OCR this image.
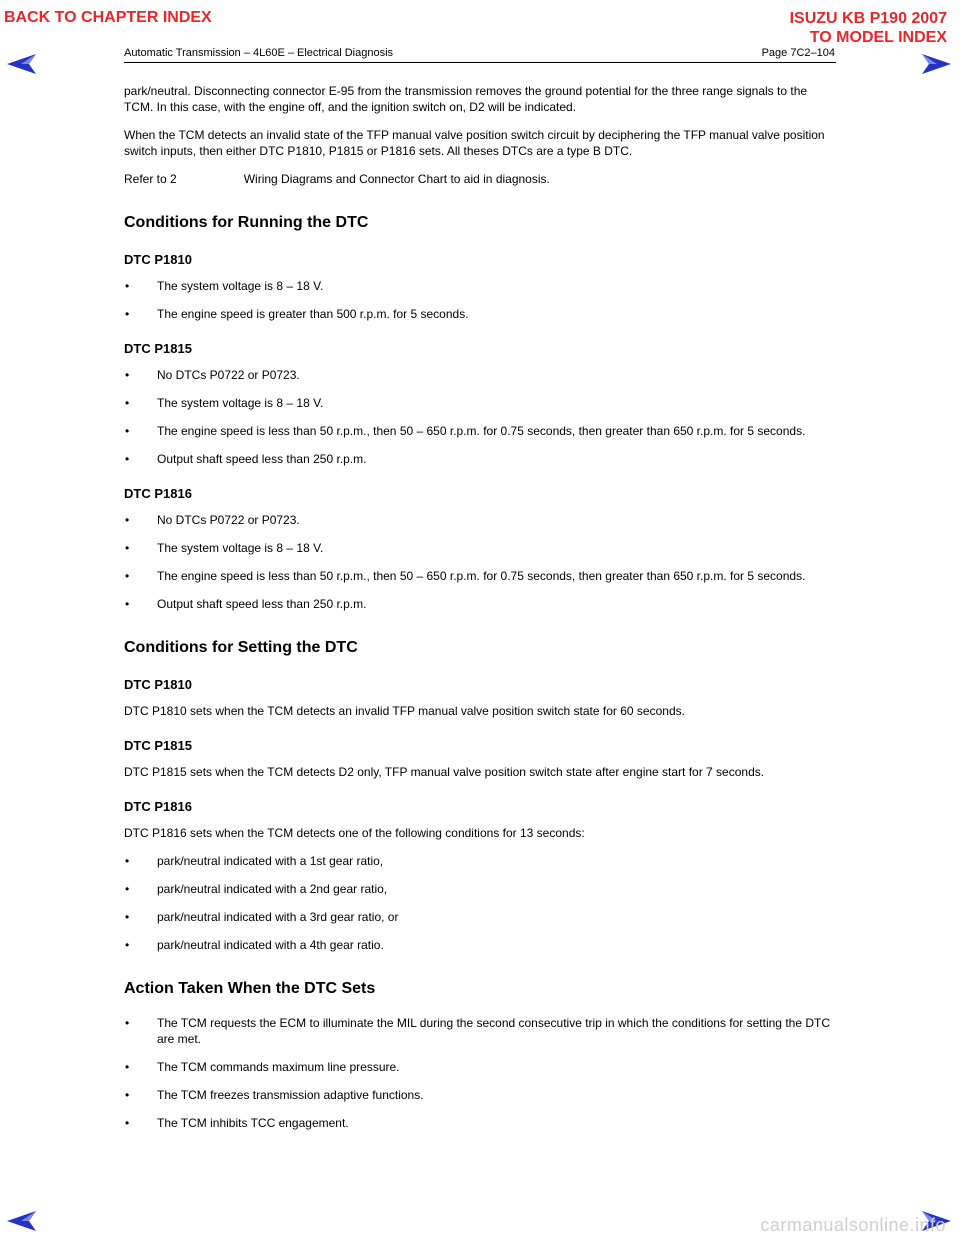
BACK TO CHAPTER INDEX	ISUZU KB P190 2007
TO MODEL INDEX
Automatic Transmission – 4L60E – Electrical Diagnosis	Page 7C2–104

park/neutral. Disconnecting connector E-95 from the transmission removes the ground potential for the three range signals to the TCM. In this case, with the engine off, and the ignition switch on, D2 will be indicated.

When the TCM detects an invalid state of the TFP manual valve position switch circuit by deciphering the TFP manual valve position switch inputs, then either DTC P1810, P1815 or P1816 sets. All theses DTCs are a type B DTC.

Refer to 2	Wiring Diagrams and Connector Chart to aid in diagnosis.

Conditions for Running the DTC
DTC P1810
• The system voltage is 8 – 18 V.
• The engine speed is greater than 500 r.p.m. for 5 seconds.
DTC P1815
• No DTCs P0722 or P0723.
• The system voltage is 8 – 18 V.
• The engine speed is less than 50 r.p.m., then 50 – 650 r.p.m. for 0.75 seconds, then greater than 650 r.p.m. for 5 seconds.
• Output shaft speed less than 250 r.p.m.
DTC P1816
• No DTCs P0722 or P0723.
• The system voltage is 8 – 18 V.
• The engine speed is less than 50 r.p.m., then 50 – 650 r.p.m. for 0.75 seconds, then greater than 650 r.p.m. for 5 seconds.
• Output shaft speed less than 250 r.p.m.
Conditions for Setting the DTC
DTC P1810

DTC P1810 sets when the TCM detects an invalid TFP manual valve position switch state for 60 seconds.

DTC P1815

DTC P1815 sets when the TCM detects D2 only, TFP manual valve position switch state after engine start for 7 seconds.

DTC P1816

DTC P1816 sets when the TCM detects one of the following conditions for 13 seconds:

• park/neutral indicated with a 1st gear ratio,
• park/neutral indicated with a 2nd gear ratio,
• park/neutral indicated with a 3rd gear ratio, or
• park/neutral indicated with a 4th gear ratio.
Action Taken When the DTC Sets
• The TCM requests the ECM to illuminate the MIL during the second consecutive trip in which the conditions for setting the DTC are met.
• The TCM commands maximum line pressure.
• The TCM freezes transmission adaptive functions.
• The TCM inhibits TCC engagement.
carmanualsonline.info
